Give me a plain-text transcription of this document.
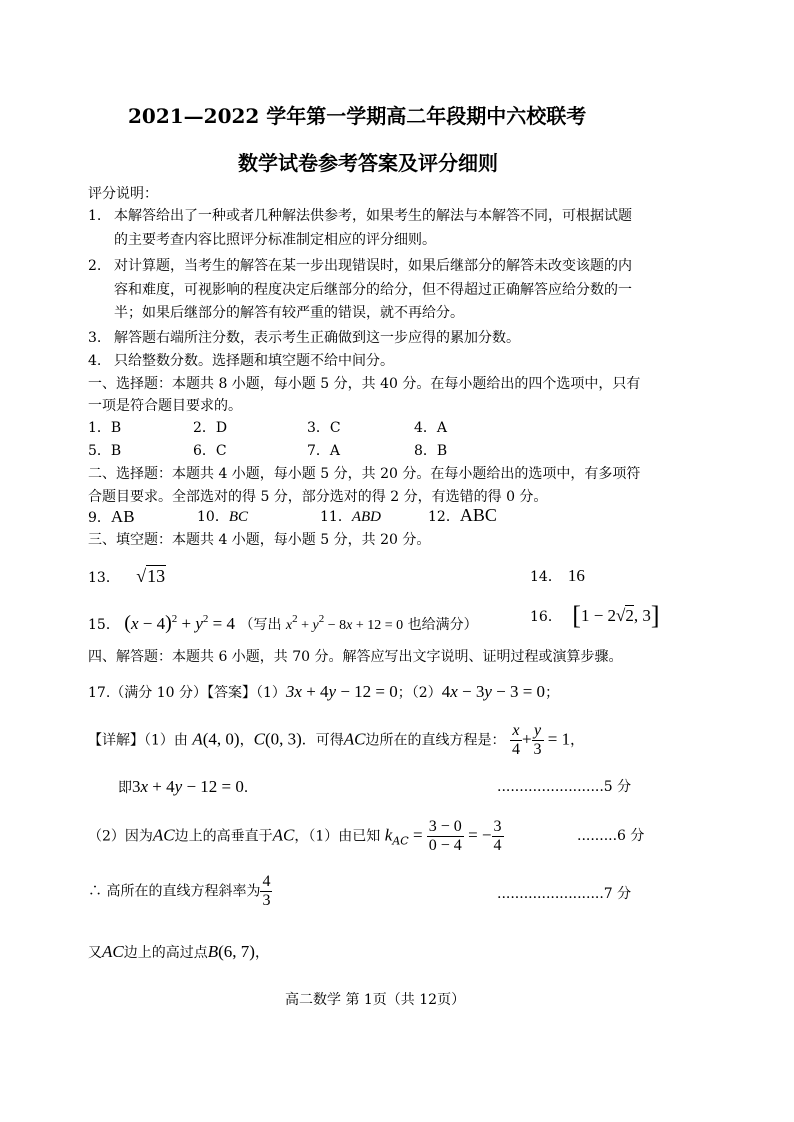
2021—2022 学年第一学期高二年段期中六校联考
数学试卷参考答案及评分细则
评分说明：
1. 本解答给出了一种或者几种解法供参考，如果考生的解法与本解答不同，可根据试题
的主要考查内容比照评分标准制定相应的评分细则。
2. 对计算题，当考生的解答在某一步出现错误时，如果后继部分的解答未改变该题的内
容和难度，可视影响的程度决定后继部分的给分，但不得超过正确解答应给分数的一
半；如果后继部分的解答有较严重的错误，就不再给分。
3. 解答题右端所注分数，表示考生正确做到这一步应得的累加分数。
4. 只给整数分数。选择题和填空题不给中间分。
一、选择题：本题共 8 小题，每小题 5 分，共 40 分。在每小题给出的四个选项中，只有
一项是符合题目要求的。
1．B	2．D	3．C	4．A
5．B	6．C	7．A	8．B
二、选择题：本题共 4 小题，每小题 5 分，共 20 分。在每小题给出的选项中，有多项符
合题目要求。全部选对的得 5 分，部分选对的得 2 分，有选错的得 0 分。
9．AB	10．BC	11．ABD	12．ABC
三、填空题：本题共 4 小题，每小题 5 分，共 20 分。
13． √13	14． 16
15． $(x - 4)^2 + y^2 = 4$ （写出 $x^2 + y^2 - 8x + 12 = 0$ 也给满分）	16． [1 − 2√2, 3]
四、解答题：本题共 6 小题，共 70 分。解答应写出文字说明、证明过程或演算步骤。
17.（满分 10 分）【答案】（1）3x + 4y − 12 = 0；（2）4x − 3y − 3 = 0；
【详解】（1）由 A(4, 0)，C(0, 3)．可得AC边所在的直线方程是： $\frac{x}{4} + \frac{y}{3} = 1$，
即3x + 4y − 12 = 0．	........................5 分
（2）因为AC边上的高垂直于AC，（1）由已知 $k_{AC} = \frac{3 - 0}{0 - 4}$ = − $\frac{3}{4}$	.........6 分
∴ 高所在的直线方程斜率为 $\frac{4}{3}$	........................7 分
又AC边上的高过点B(6, 7)，
高二数学 第 1页（共 12页）
